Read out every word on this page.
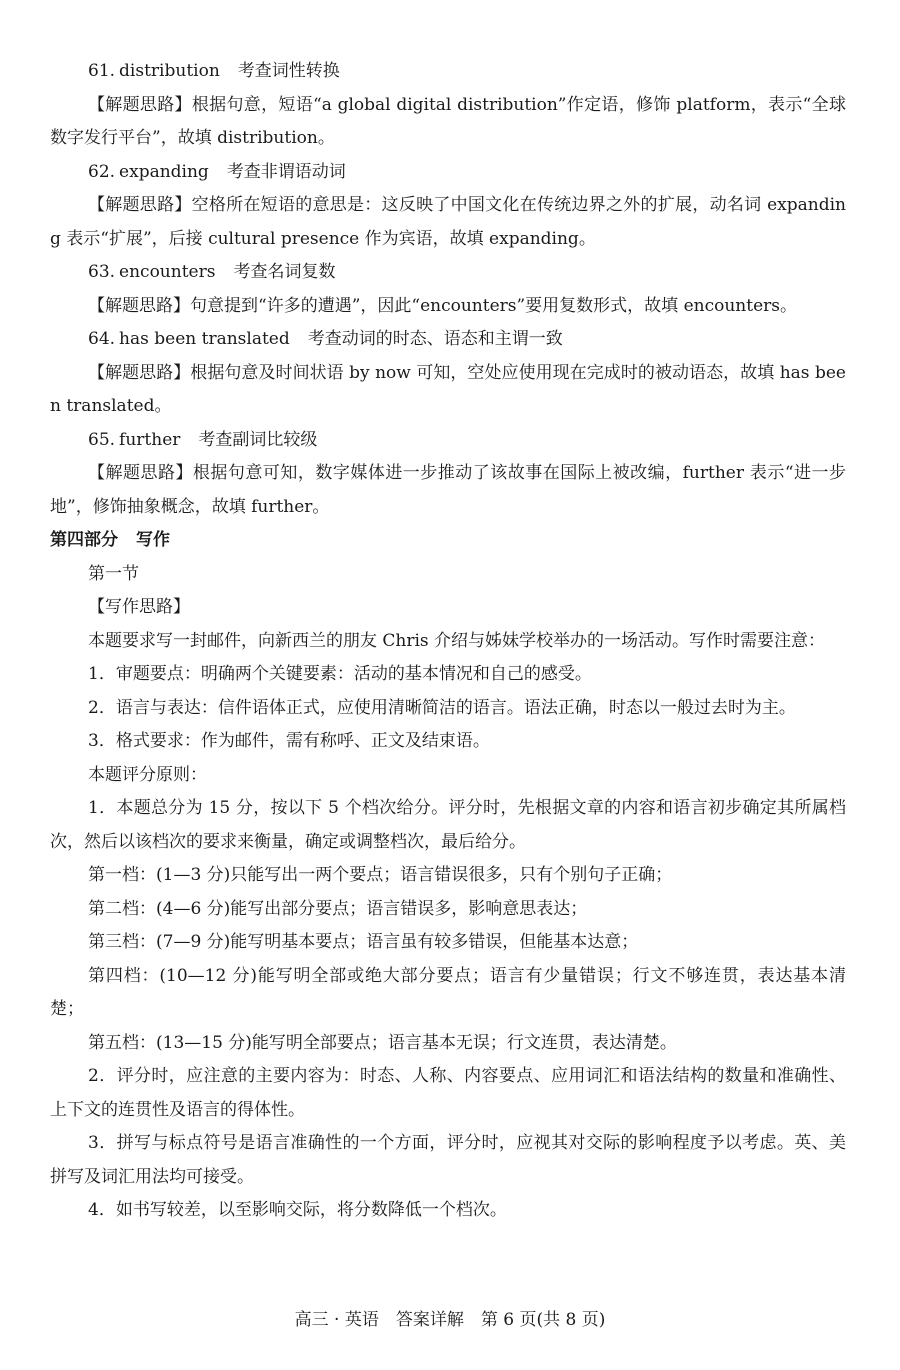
61. distribution 考查词性转换

【解题思路】根据句意，短语“a global digital distribution”作定语，修饰 platform，表示“全球数字发行平台”，故填 distribution。

62. expanding 考查非谓语动词

【解题思路】空格所在短语的意思是：这反映了中国文化在传统边界之外的扩展，动名词 expanding 表示“扩展”，后接 cultural presence 作为宾语，故填 expanding。

63. encounters 考查名词复数

【解题思路】句意提到“许多的遭遇”，因此“encounters”要用复数形式，故填 encounters。

64. has been translated 考查动词的时态、语态和主谓一致

【解题思路】根据句意及时间状语 by now 可知，空处应使用现在完成时的被动语态，故填 has been translated。

65. further 考查副词比较级

【解题思路】根据句意可知，数字媒体进一步推动了该故事在国际上被改编，further 表示“进一步地”，修饰抽象概念，故填 further。

第四部分 写作

第一节

【写作思路】

本题要求写一封邮件，向新西兰的朋友 Chris 介绍与姊妹学校举办的一场活动。写作时需要注意：

1．审题要点：明确两个关键要素：活动的基本情况和自己的感受。

2．语言与表达：信件语体正式，应使用清晰简洁的语言。语法正确，时态以一般过去时为主。

3．格式要求：作为邮件，需有称呼、正文及结束语。

本题评分原则：

1．本题总分为 15 分，按以下 5 个档次给分。评分时，先根据文章的内容和语言初步确定其所属档次，然后以该档次的要求来衡量，确定或调整档次，最后给分。

第一档：(1—3 分)只能写出一两个要点；语言错误很多，只有个别句子正确；

第二档：(4—6 分)能写出部分要点；语言错误多，影响意思表达；

第三档：(7—9 分)能写明基本要点；语言虽有较多错误，但能基本达意；

第四档：(10—12 分)能写明全部或绝大部分要点；语言有少量错误；行文不够连贯，表达基本清楚；

第五档：(13—15 分)能写明全部要点；语言基本无误；行文连贯，表达清楚。

2．评分时，应注意的主要内容为：时态、人称、内容要点、应用词汇和语法结构的数量和准确性、上下文的连贯性及语言的得体性。

3．拼写与标点符号是语言准确性的一个方面，评分时，应视其对交际的影响程度予以考虑。英、美拼写及词汇用法均可接受。

4．如书写较差，以至影响交际，将分数降低一个档次。

高三 · 英语　答案详解　第 6 页(共 8 页)
